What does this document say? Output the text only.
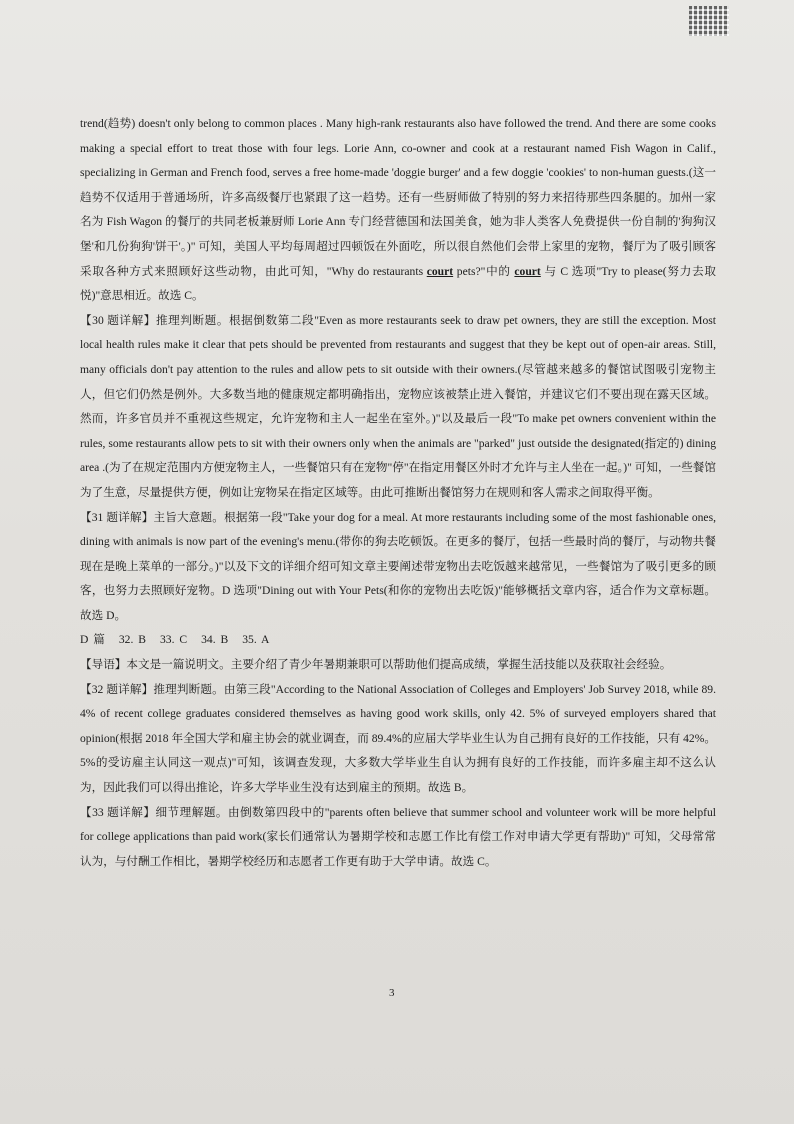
trend(趋势) doesn't only belong to common places . Many high-rank restaurants also have followed the trend. And there are some cooks making a special effort to treat those with four legs. Lorie Ann, co-owner and cook at a restaurant named Fish Wagon in Calif., specializing in German and French food, serves a free home-made 'doggie burger' and a few doggie 'cookies' to non-human guests.(这一趋势不仅适用于普通场所，许多高级餐厅也紧跟了这一趋势。还有一些厨师做了特别的努力来招待那些四条腿的。加州一家名为 Fish Wagon 的餐厅的共同老板兼厨师 Lorie Ann 专门经营德国和法国美食，她为非人类客人免费提供一份自制的'狗狗汉堡'和几份狗狗'饼干'。)" 可知，美国人平均每周超过四顿饭在外面吃，所以很自然他们会带上家里的宠物，餐厅为了吸引顾客采取各种方式来照顾好这些动物，由此可知，"Why do restaurants court pets?"中的 court 与 C 选项"Try to please(努力去取悦)"意思相近。故选 C。

【30 题详解】推理判断题。根据倒数第二段"Even as more restaurants seek to draw pet owners, they are still the exception. Most local health rules make it clear that pets should be prevented from restaurants and suggest that they be kept out of open-air areas. Still, many officials don't pay attention to the rules and allow pets to sit outside with their owners.(尽管越来越多的餐馆试图吸引宠物主人，但它们仍然是例外。大多数当地的健康规定都明确指出，宠物应该被禁止进入餐馆，并建议它们不要出现在露天区域。然而，许多官员并不重视这些规定，允许宠物和主人一起坐在室外。)"以及最后一段"To make pet owners convenient within the rules, some restaurants allow pets to sit with their owners only when the animals are "parked" just outside the designated(指定的) dining area .(为了在规定范围内方便宠物主人，一些餐馆只有在宠物"停"在指定用餐区外时才允许与主人坐在一起。)" 可知，一些餐馆为了生意，尽量提供方便，例如让宠物呆在指定区域等。由此可推断出餐馆努力在规则和客人需求之间取得平衡。

【31 题详解】主旨大意题。根据第一段"Take your dog for a meal. At more restaurants including some of the most fashionable ones, dining with animals is now part of the evening's menu.(带你的狗去吃顿饭。在更多的餐厅，包括一些最时尚的餐厅，与动物共餐现在是晚上菜单的一部分。)"以及下文的详细介绍可知文章主要阐述带宠物出去吃饭越来越常见，一些餐馆为了吸引更多的顾客，也努力去照顾好宠物。D 选项"Dining out with Your Pets(和你的宠物出去吃饭)"能够概括文章内容，适合作为文章标题。故选 D。

D 篇 32. B 33. C 34. B 35. A

【导语】本文是一篇说明文。主要介绍了青少年暑期兼职可以帮助他们提高成绩，掌握生活技能以及获取社会经验。

【32 题详解】推理判断题。由第三段"According to the National Association of Colleges and Employers' Job Survey 2018, while 89. 4% of recent college graduates considered themselves as having good work skills, only 42. 5% of surveyed employers shared that opinion(根据 2018 年全国大学和雇主协会的就业调查，而 89.4%的应届大学毕业生认为自己拥有良好的工作技能，只有 42%。5%的受访雇主认同这一观点)"可知，该调查发现，大多数大学毕业生自认为拥有良好的工作技能，而许多雇主却不这么认为，因此我们可以得出推论，许多大学毕业生没有达到雇主的预期。故选 B。

【33 题详解】细节理解题。由倒数第四段中的"parents often believe that summer school and volunteer work will be more helpful for college applications than paid work(家长们通常认为暑期学校和志愿工作比有偿工作对申请大学更有帮助)" 可知，父母常常认为，与付酬工作相比，暑期学校经历和志愿者工作更有助于大学申请。故选 C。

3
